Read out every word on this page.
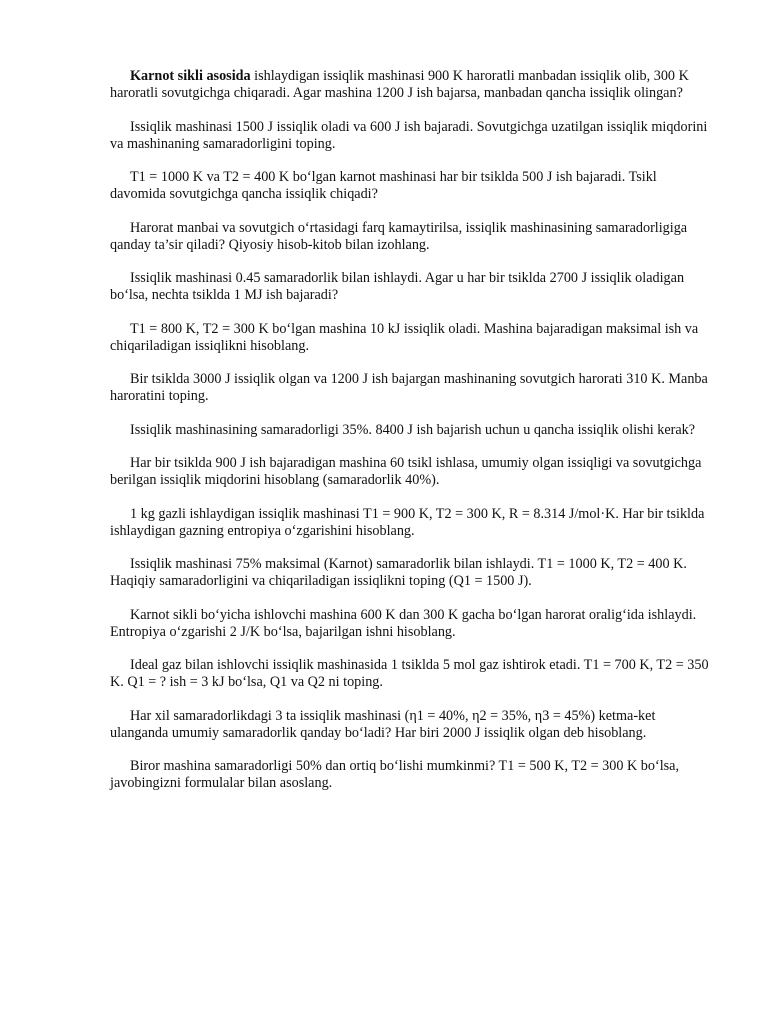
Karnot sikli asosida ishlaydigan issiqlik mashinasi 900 K haroratli manbadan issiqlik olib, 300 K haroratli sovutgichga chiqaradi. Agar mashina 1200 J ish bajarsa, manbadan qancha issiqlik olingan?

Issiqlik mashinasi 1500 J issiqlik oladi va 600 J ish bajaradi. Sovutgichga uzatilgan issiqlik miqdorini va mashinaning samaradorligini toping.

T1 = 1000 K va T2 = 400 K bo‘lgan karnot mashinasi har bir tsiklda 500 J ish bajaradi. Tsikl davomida sovutgichga qancha issiqlik chiqadi?

Harorat manbai va sovutgich o‘rtasidagi farq kamaytirilsa, issiqlik mashinasining samaradorligiga qanday ta’sir qiladi? Qiyosiy hisob-kitob bilan izohlang.

Issiqlik mashinasi 0.45 samaradorlik bilan ishlaydi. Agar u har bir tsiklda 2700 J issiqlik oladigan bo‘lsa, nechta tsiklda 1 MJ ish bajaradi?

T1 = 800 K, T2 = 300 K bo‘lgan mashina 10 kJ issiqlik oladi. Mashina bajaradigan maksimal ish va chiqariladigan issiqlikni hisoblang.

Bir tsiklda 3000 J issiqlik olgan va 1200 J ish bajargan mashinaning sovutgich harorati 310 K. Manba haroratini toping.

Issiqlik mashinasining samaradorligi 35%. 8400 J ish bajarish uchun u qancha issiqlik olishi kerak?

Har bir tsiklda 900 J ish bajaradigan mashina 60 tsikl ishlasa, umumiy olgan issiqligi va sovutgichga berilgan issiqlik miqdorini hisoblang (samaradorlik 40%).

1 kg gazli ishlaydigan issiqlik mashinasi T1 = 900 K, T2 = 300 K, R = 8.314 J/mol·K. Har bir tsiklda ishlaydigan gazning entropiya o‘zgarishini hisoblang.

Issiqlik mashinasi 75% maksimal (Karnot) samaradorlik bilan ishlaydi. T1 = 1000 K, T2 = 400 K. Haqiqiy samaradorligini va chiqariladigan issiqlikni toping (Q1 = 1500 J).

Karnot sikli bo‘yicha ishlovchi mashina 600 K dan 300 K gacha bo‘lgan harorat oralig‘ida ishlaydi. Entropiya o‘zgarishi 2 J/K bo‘lsa, bajarilgan ishni hisoblang.

Ideal gaz bilan ishlovchi issiqlik mashinasida 1 tsiklda 5 mol gaz ishtirok etadi. T1 = 700 K, T2 = 350 K. Q1 = ? ish = 3 kJ bo‘lsa, Q1 va Q2 ni toping.

Har xil samaradorlikdagi 3 ta issiqlik mashinasi (η1 = 40%, η2 = 35%, η3 = 45%) ketma-ket ulanganda umumiy samaradorlik qanday bo‘ladi? Har biri 2000 J issiqlik olgan deb hisoblang.

Biror mashina samaradorligi 50% dan ortiq bo‘lishi mumkinmi? T1 = 500 K, T2 = 300 K bo‘lsa, javobingizni formulalar bilan asoslang.
